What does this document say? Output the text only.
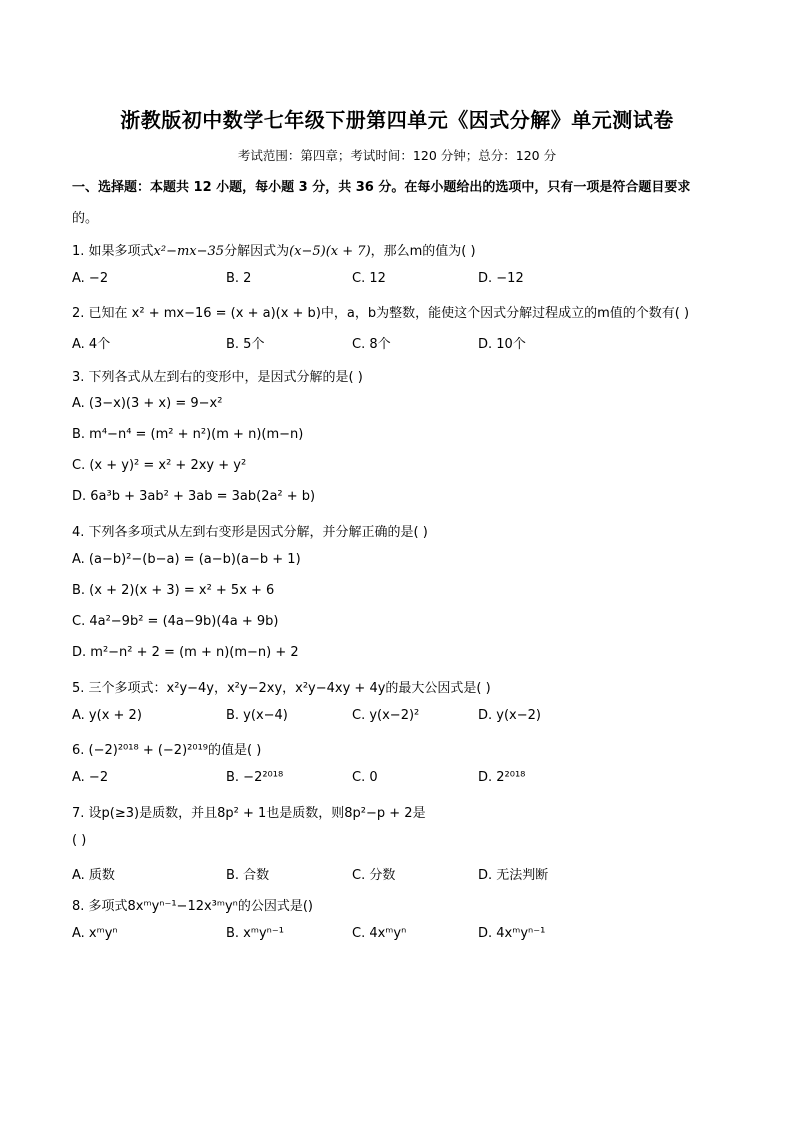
浙教版初中数学七年级下册第四单元《因式分解》单元测试卷
考试范围：第四章；考试时间：120 分钟；总分：120 分
一、选择题：本题共 12 小题，每小题 3 分，共 36 分。在每小题给出的选项中，只有一项是符合题目要求
的。
1. 如果多项式x²−mx−35分解因式为(x−5)(x + 7)，那么m的值为( )
A. −2	B. 2	C. 12	D. −12
2. 已知在 x² + mx−16 = (x + a)(x + b)中，a，b为整数，能使这个因式分解过程成立的m值的个数有( )
A. 4个	B. 5个	C. 8个	D. 10个
3. 下列各式从左到右的变形中，是因式分解的是( )
A. (3−x)(3 + x) = 9−x²
B. m⁴−n⁴ = (m² + n²)(m + n)(m−n)
C. (x + y)² = x² + 2xy + y²
D. 6a³b + 3ab² + 3ab = 3ab(2a² + b)
4. 下列各多项式从左到右变形是因式分解，并分解正确的是( )
A. (a−b)²−(b−a) = (a−b)(a−b + 1)
B. (x + 2)(x + 3) = x² + 5x + 6
C. 4a²−9b² = (4a−9b)(4a + 9b)
D. m²−n² + 2 = (m + n)(m−n) + 2
5. 三个多项式：x²y−4y，x²y−2xy，x²y−4xy + 4y的最大公因式是( )
A. y(x + 2)	B. y(x−4)	C. y(x−2)²	D. y(x−2)
6. (−2)²⁰¹⁸ + (−2)²⁰¹⁹的值是( )
A. −2	B. −2²⁰¹⁸	C. 0	D. 2²⁰¹⁸
7. 设p(≥3)是质数，并且8p² + 1也是质数，则8p²−p + 2是
( )
A. 质数	B. 合数	C. 分数	D. 无法判断
8. 多项式8xᵐyⁿ⁻¹−12x³ᵐyⁿ的公因式是()
A. xᵐyⁿ	B. xᵐyⁿ⁻¹	C. 4xᵐyⁿ	D. 4xᵐyⁿ⁻¹
